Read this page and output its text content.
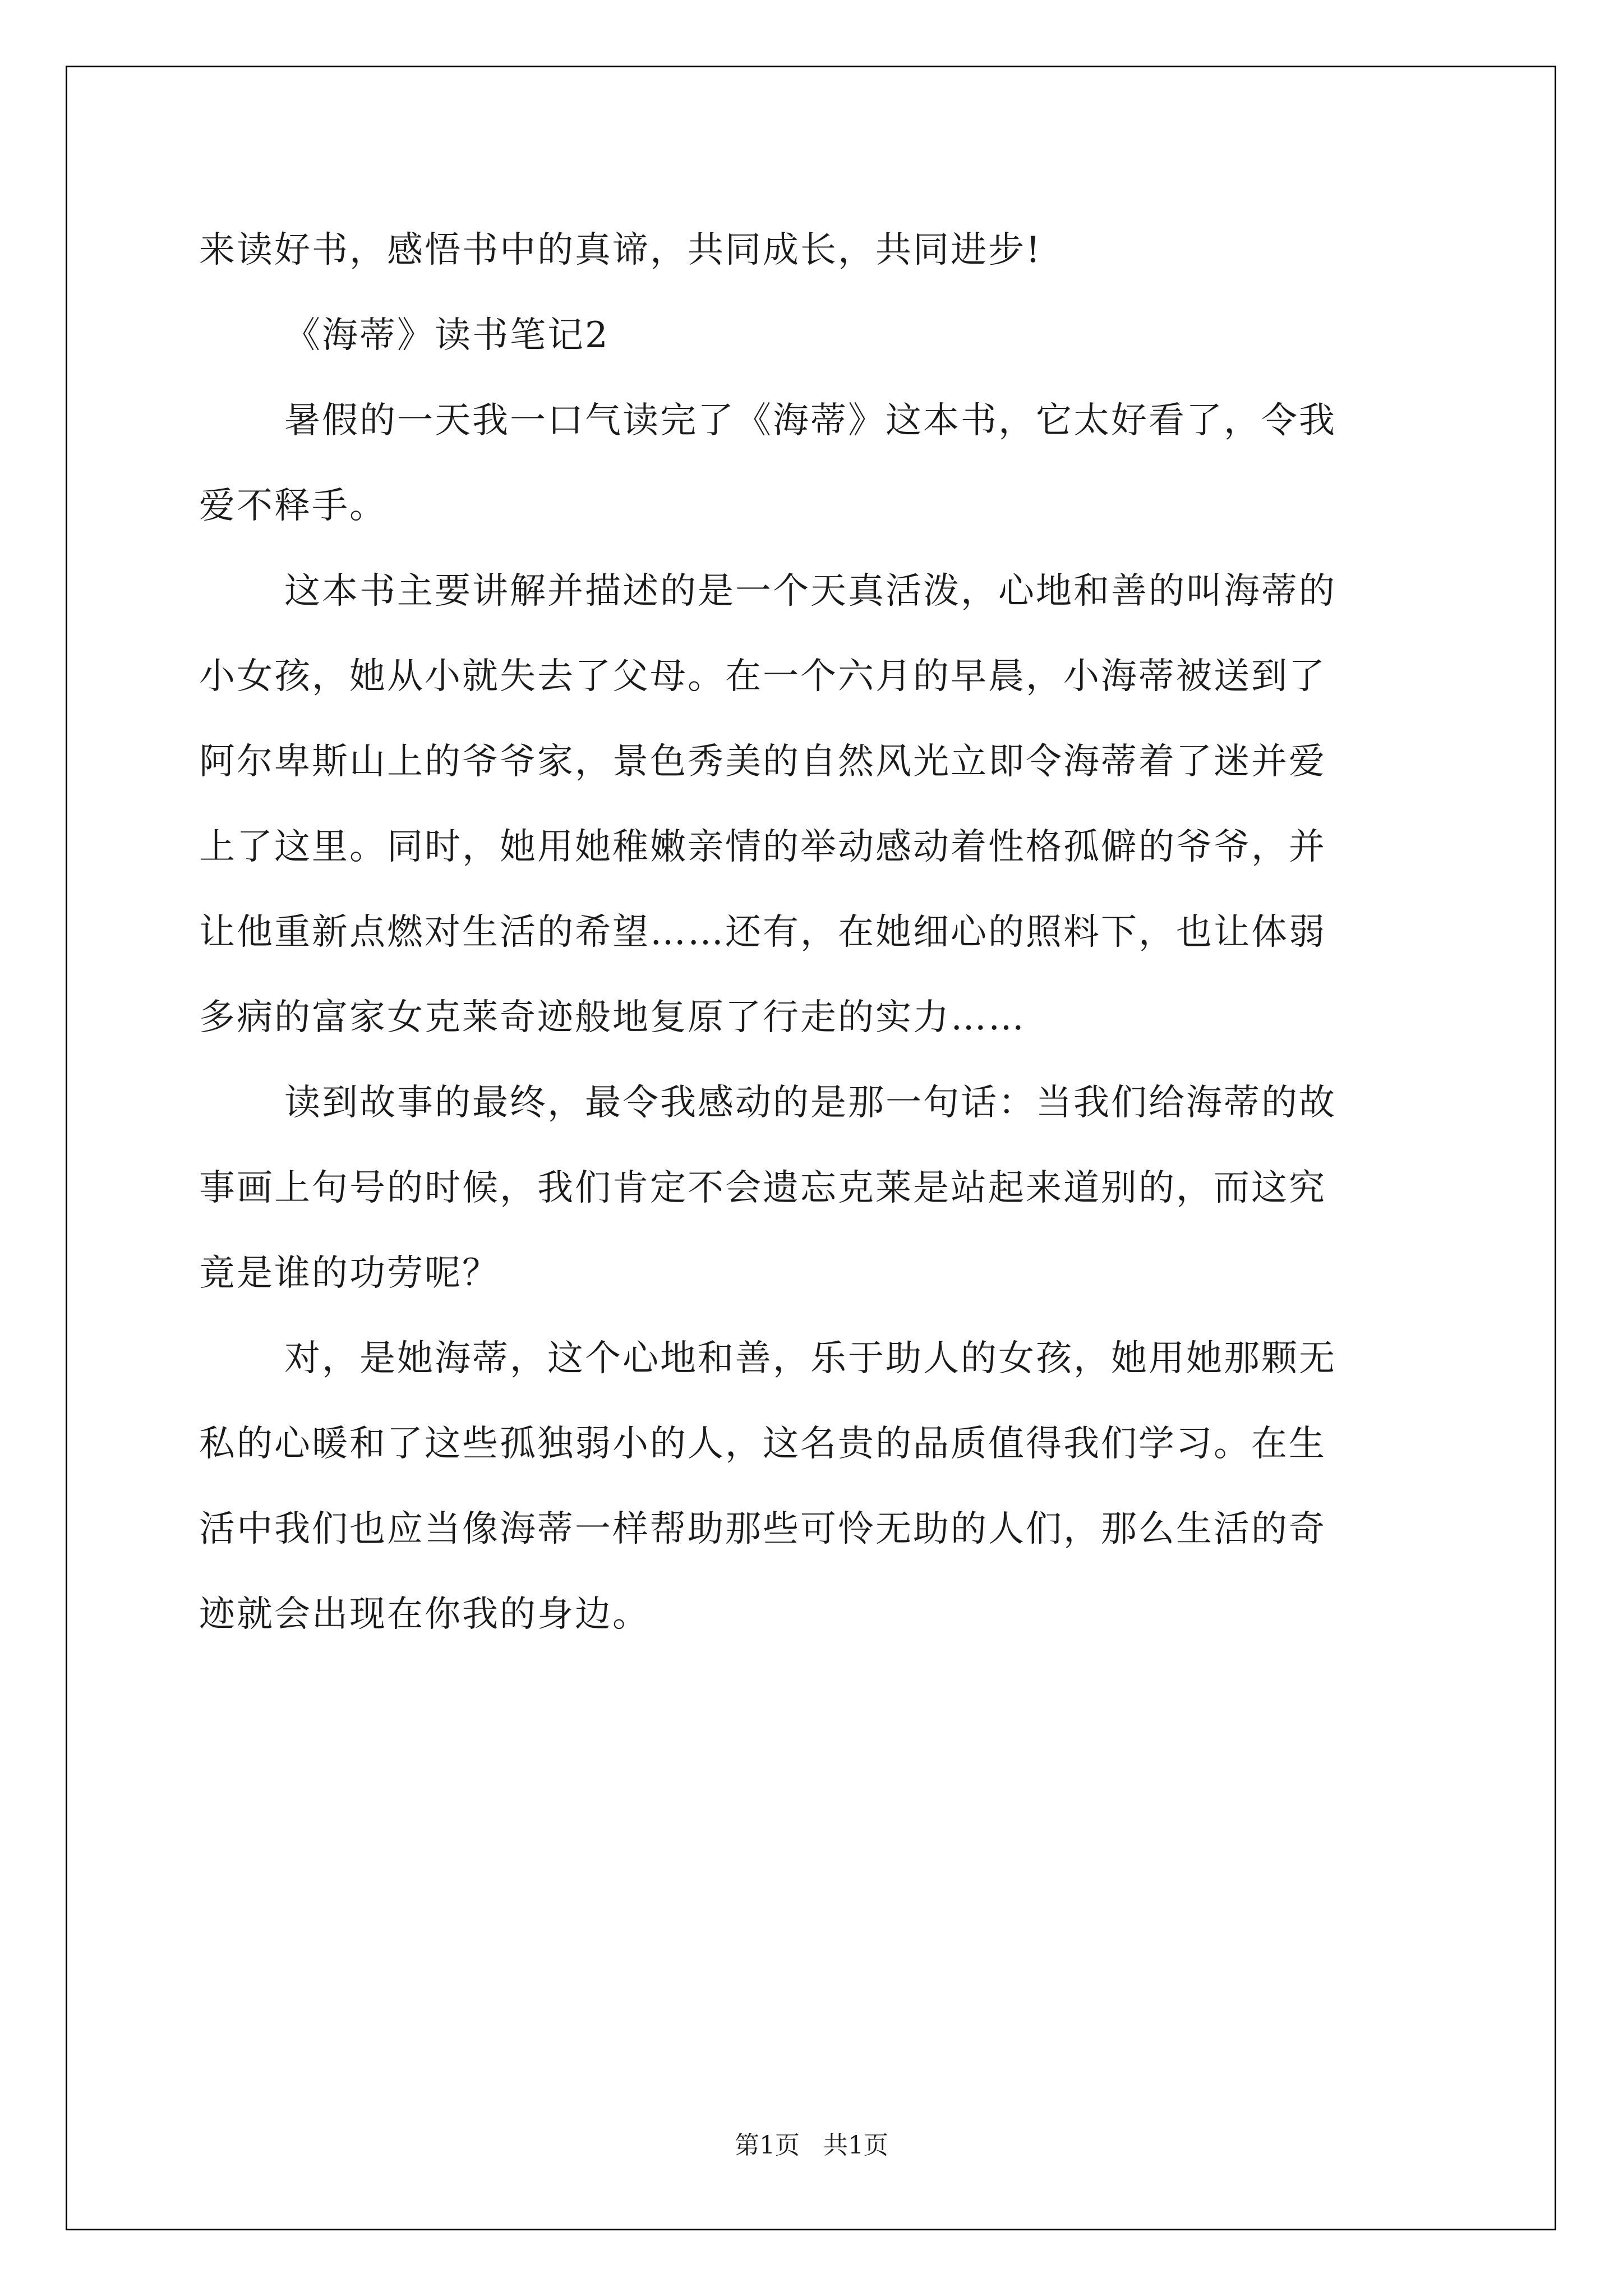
来读好书，感悟书中的真谛，共同成长，共同进步!
《海蒂》读书笔记2
暑假的一天我一口气读完了《海蒂》这本书，它太好看了，令我
爱不释手。
这本书主要讲解并描述的是一个天真活泼，心地和善的叫海蒂的
小女孩，她从小就失去了父母。在一个六月的早晨，小海蒂被送到了
阿尔卑斯山上的爷爷家，景色秀美的自然风光立即令海蒂着了迷并爱
上了这里。同时，她用她稚嫩亲情的举动感动着性格孤僻的爷爷，并
让他重新点燃对生活的希望……还有，在她细心的照料下，也让体弱
多病的富家女克莱奇迹般地复原了行走的实力……
读到故事的最终，最令我感动的是那一句话：当我们给海蒂的故
事画上句号的时候，我们肯定不会遗忘克莱是站起来道别的，而这究
竟是谁的功劳呢？
对，是她海蒂，这个心地和善，乐于助人的女孩，她用她那颗无
私的心暖和了这些孤独弱小的人，这名贵的品质值得我们学习。在生
活中我们也应当像海蒂一样帮助那些可怜无助的人们，那么生活的奇
迹就会出现在你我的身边。
第1页 共1页
